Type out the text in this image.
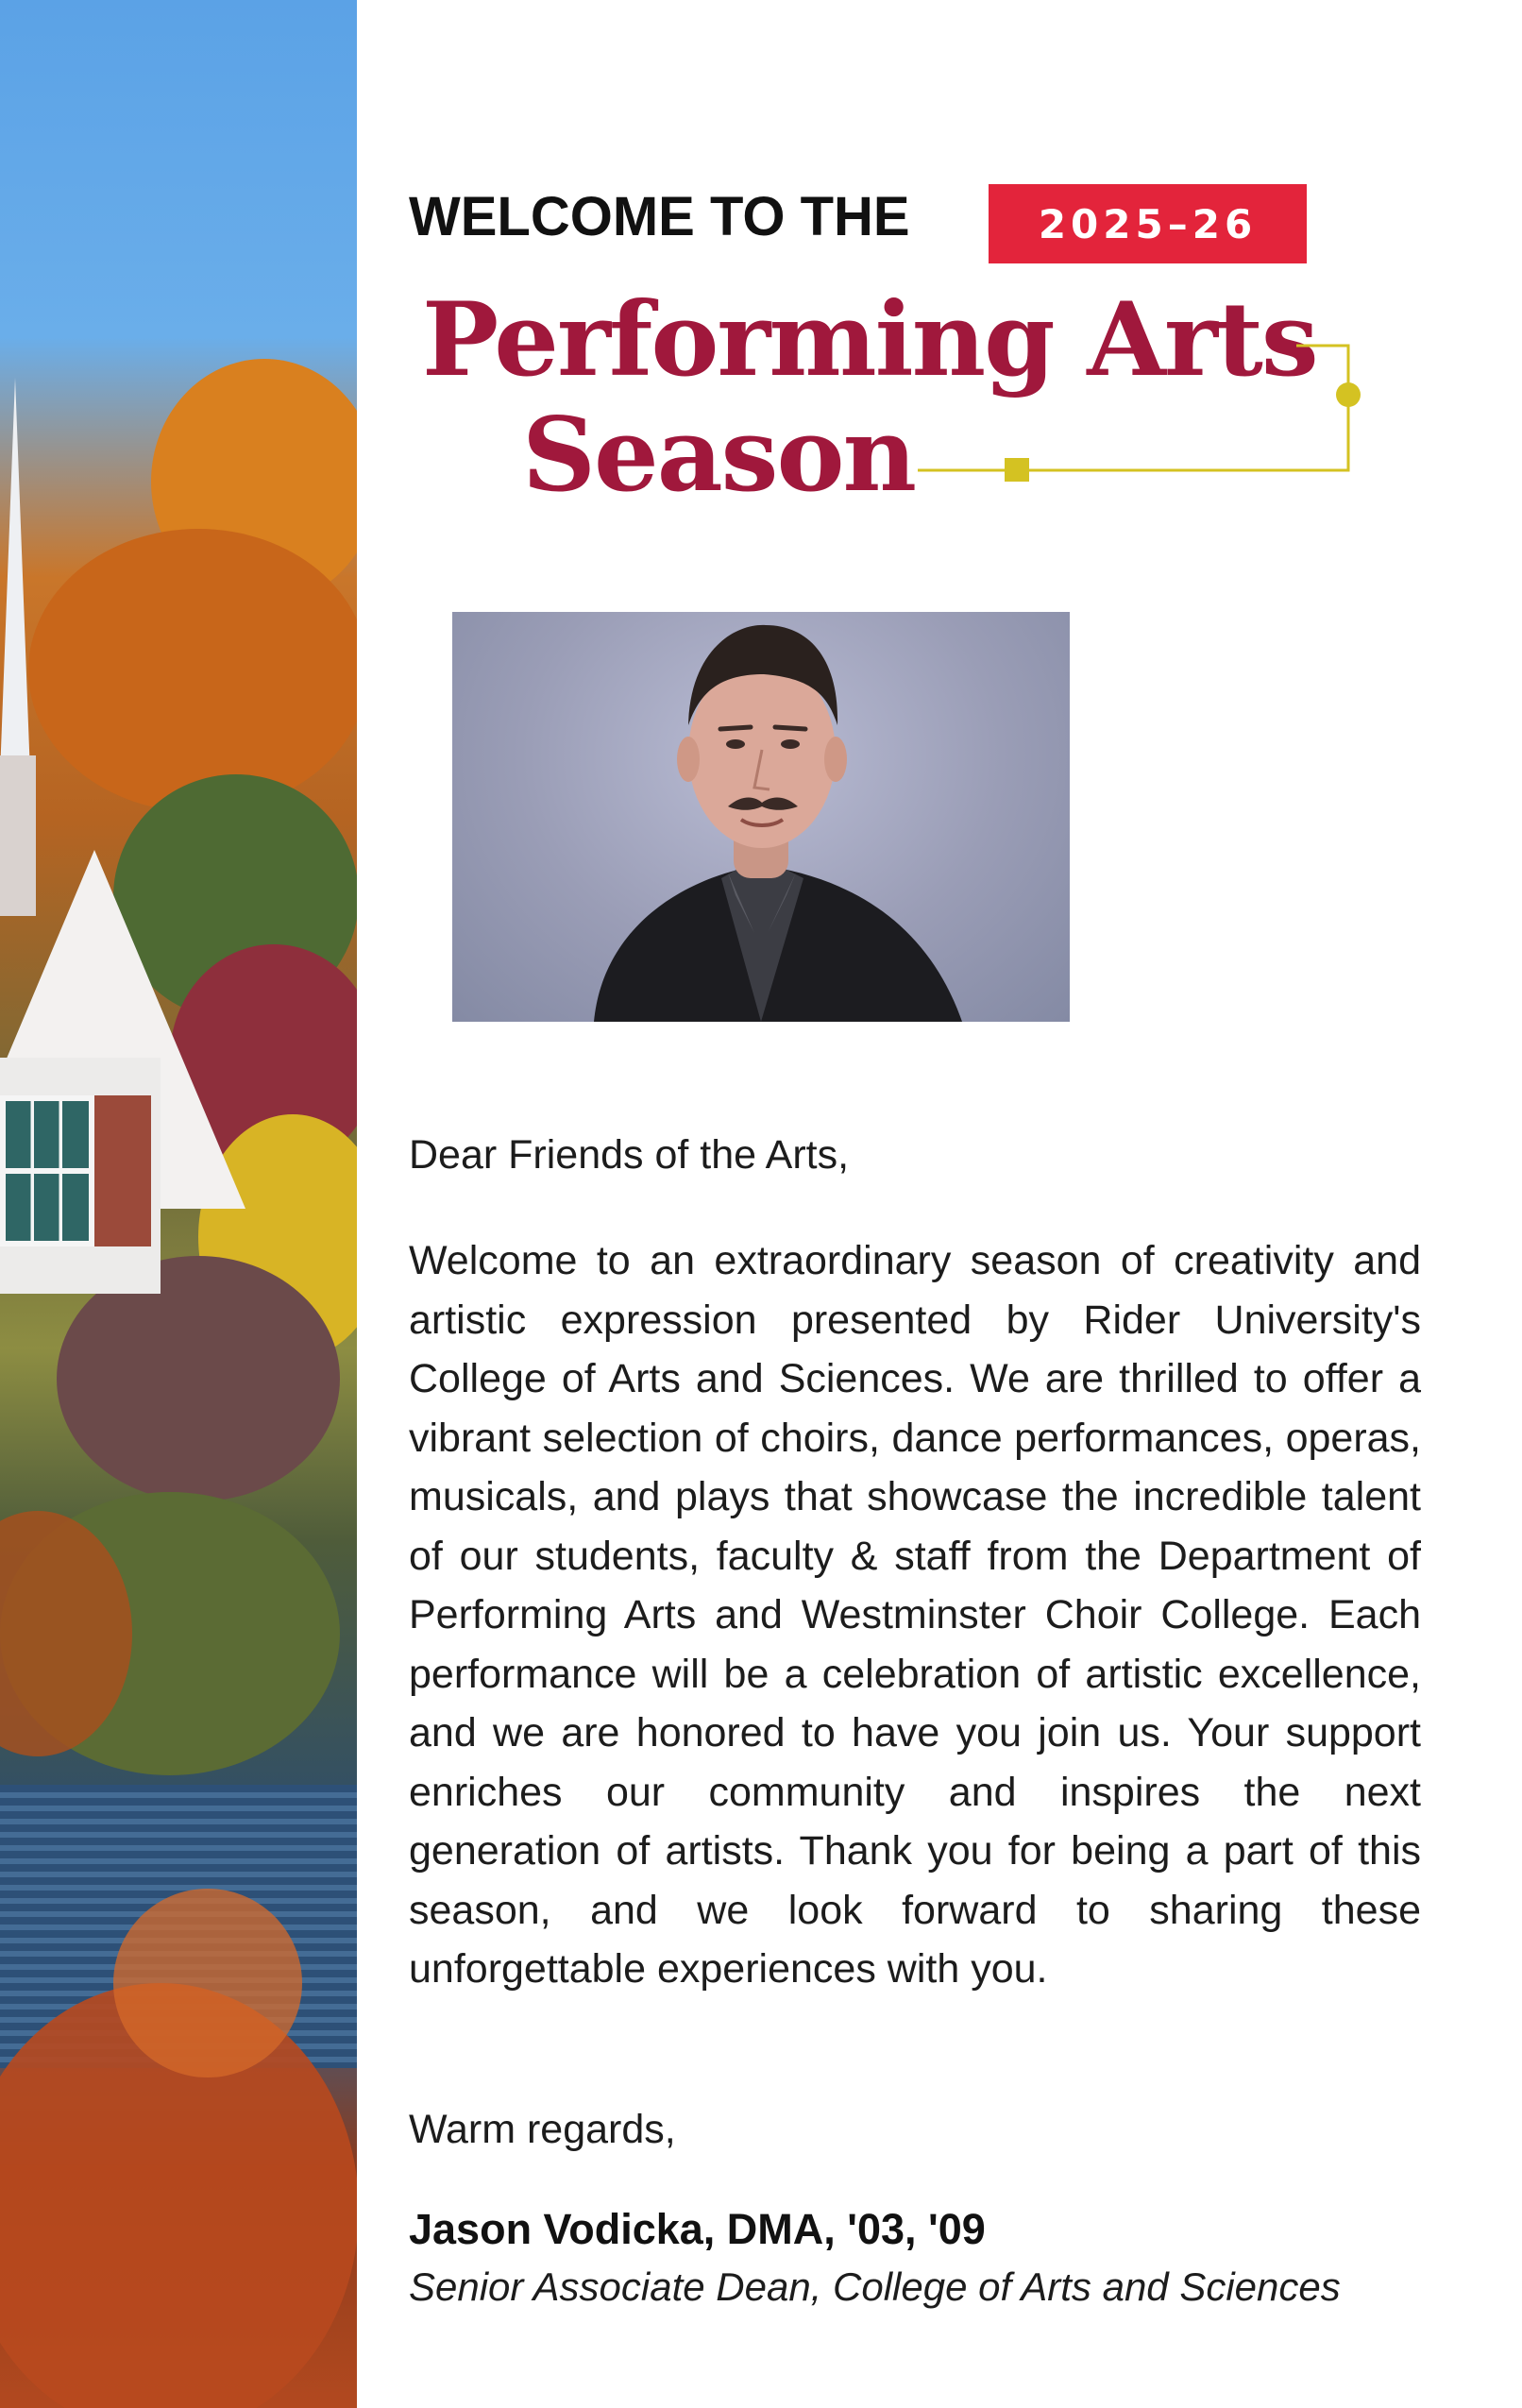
WELCOME TO THE	2025–26
Performing Arts
Season
Dear Friends of the Arts,
Welcome to an extraordinary season of creativity and artistic expression presented by Rider University's College of Arts and Sciences. We are thrilled to offer a vibrant selection of choirs, dance performances, operas, musicals, and plays that showcase the incredible talent of our students, faculty & staff from the Department of Performing Arts and Westminster Choir College. Each performance will be a celebration of artistic excellence, and we are honored to have you join us. Your support enriches our community and inspires the next generation of artists. Thank you for being a part of this season, and we look forward to sharing these unforgettable experiences with you.
Warm regards,
Jason Vodicka, DMA, '03, '09
Senior Associate Dean, College of Arts and Sciences
